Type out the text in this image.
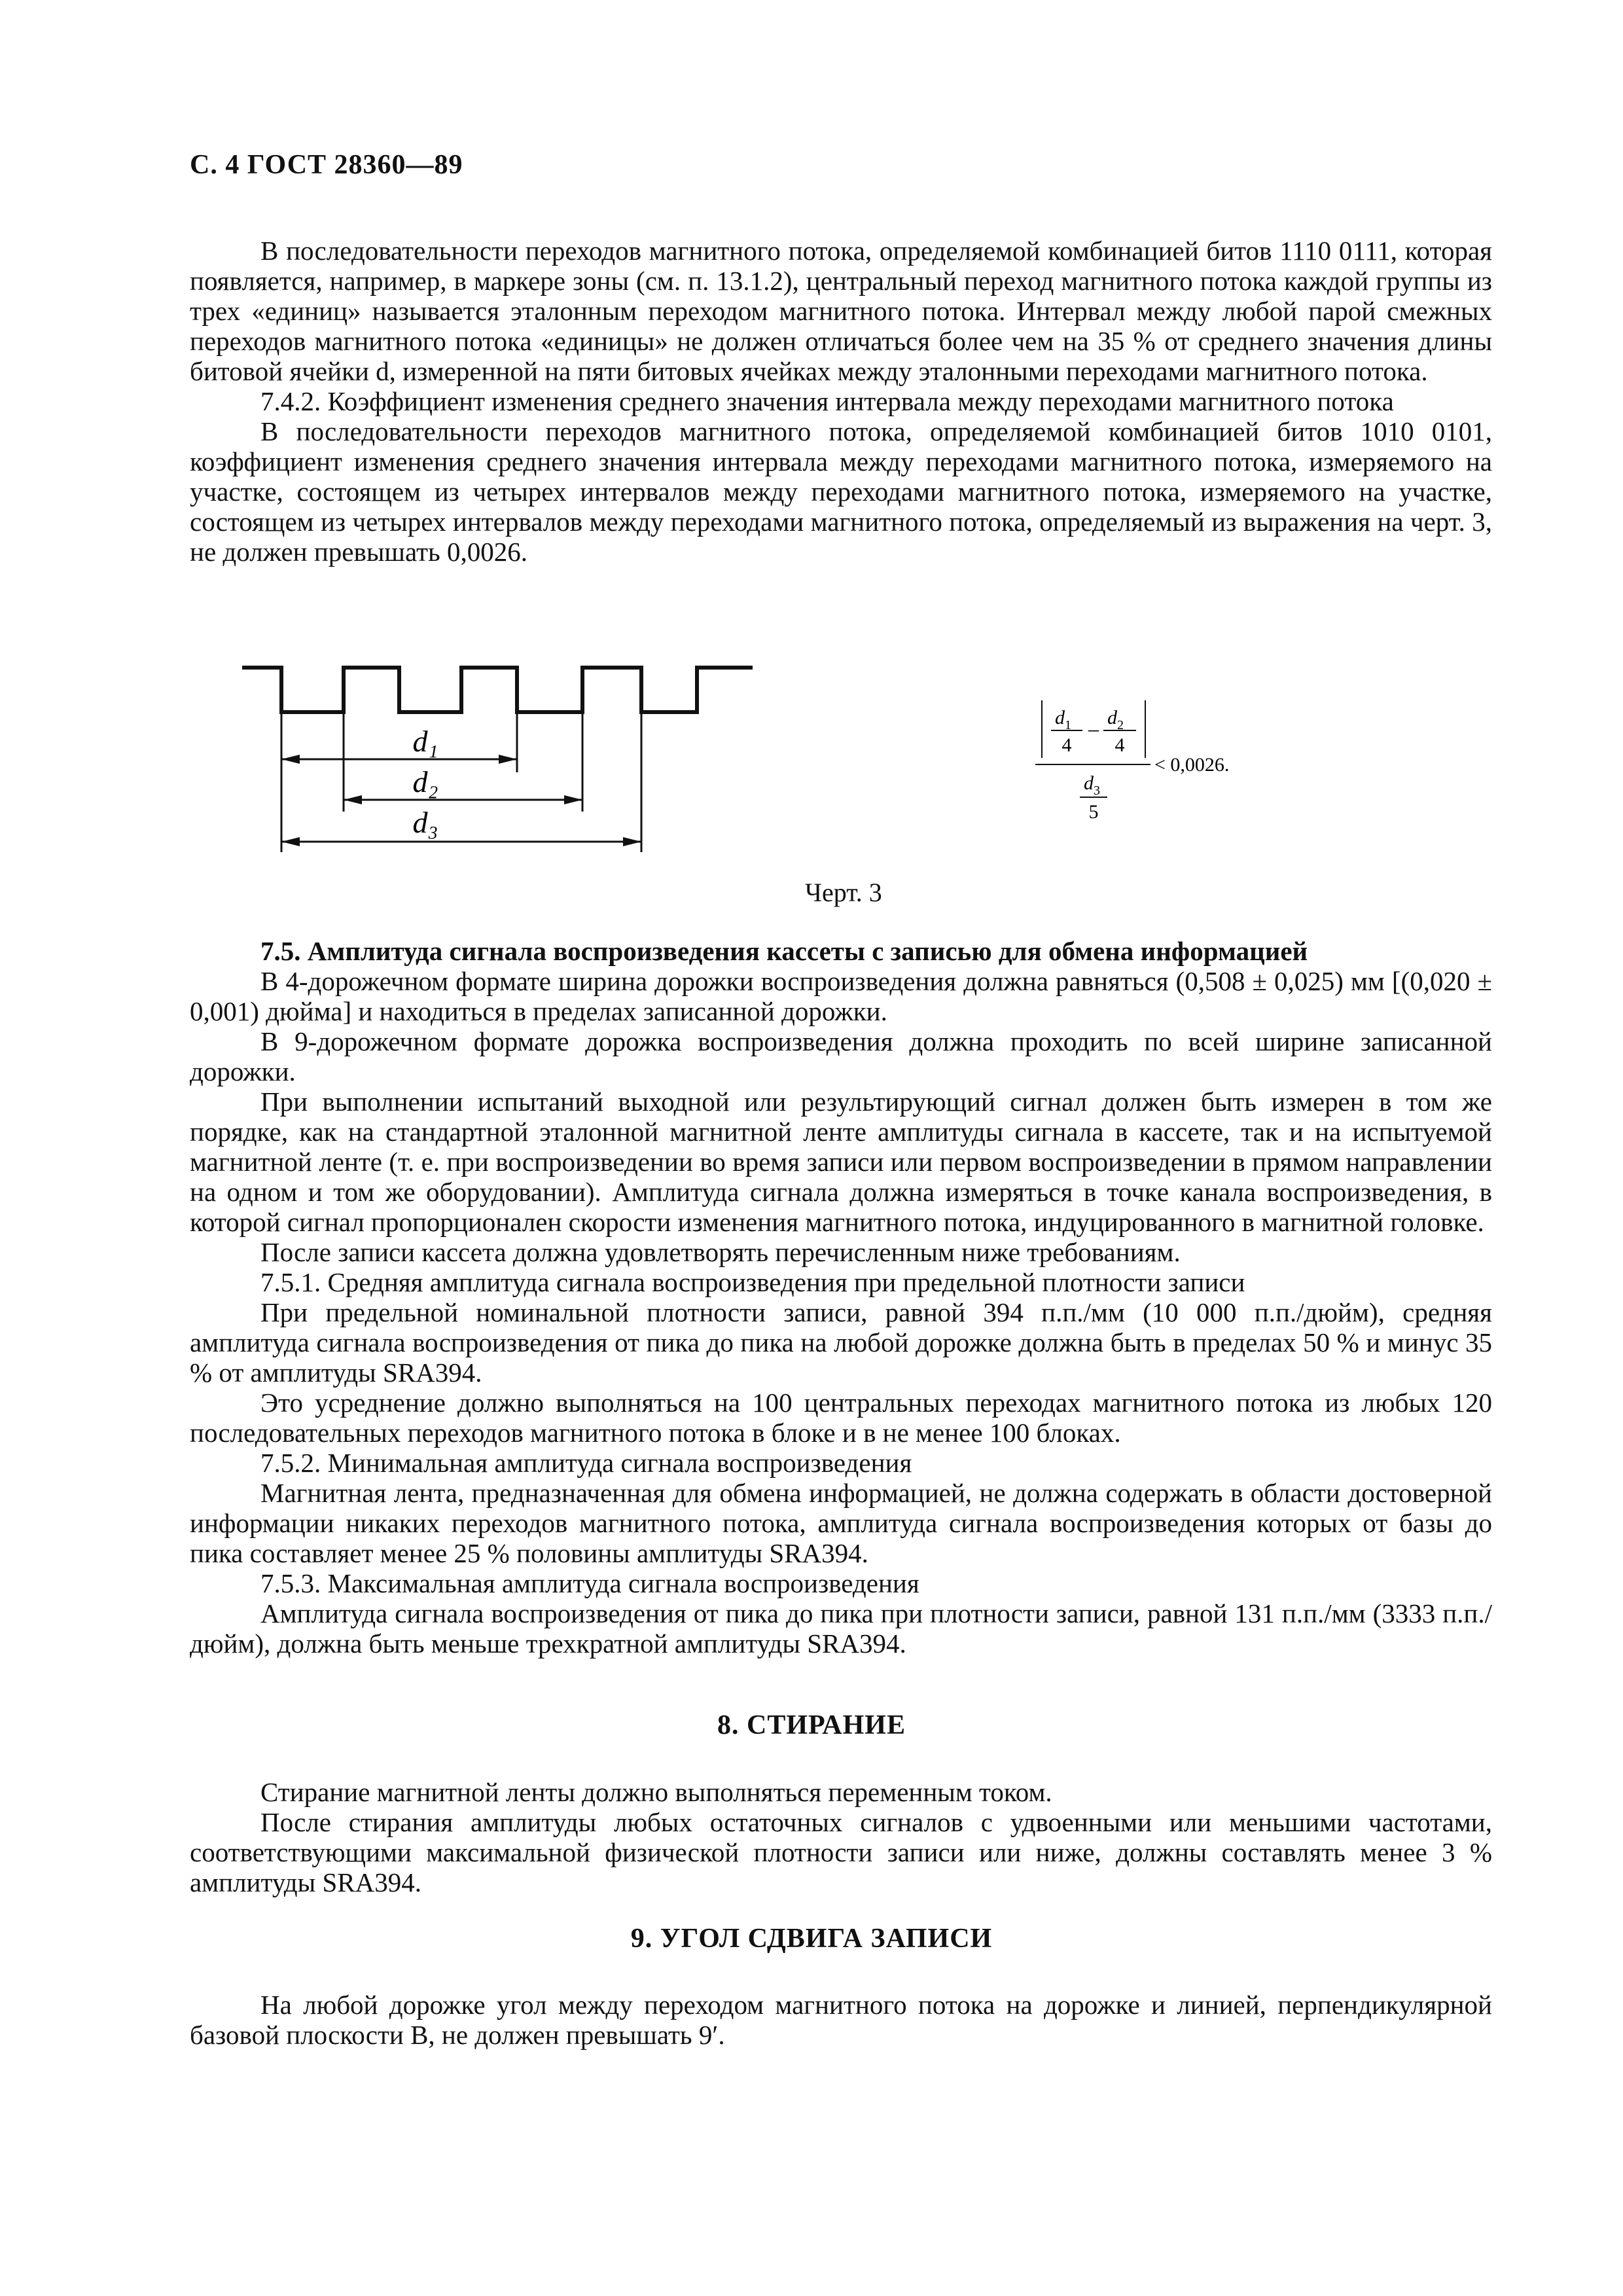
С. 4 ГОСТ 28360—89

В последовательности переходов магнитного потока, определяемой комбинацией битов 1110 0111, которая появляется, например, в маркере зоны (см. п. 13.1.2), центральный переход магнитного потока каждой группы из трех «единиц» называется эталонным переходом магнитного потока. Интервал между любой парой смежных переходов магнитного потока «единицы» не должен отличаться более чем на 35 % от среднего значения длины битовой ячейки d, измеренной на пяти битовых ячейках между эталонными переходами магнитного потока.

7.4.2. Коэффициент изменения среднего значения интервала между переходами магнитного потока

В последовательности переходов магнитного потока, определяемой комбинацией битов 1010 0101, коэффициент изменения среднего значения интервала между переходами магнитного потока, измеряемого на участке, состоящем из четырех интервалов между переходами магнитного потока, измеряемого на участке, состоящем из четырех интервалов между переходами магнитного потока, определяемый из выражения на черт. 3, не должен превышать 0,0026.

d₁
d₂
d₃
$d_1$
4
– $d_2$
4
< 0,0026.
$d_3$
5
Черт. 3

7.5. Амплитуда сигнала воспроизведения кассеты с записью для обмена информацией

В 4-дорожечном формате ширина дорожки воспроизведения должна равняться (0,508 ± 0,025) мм [(0,020 ± 0,001) дюйма] и находиться в пределах записанной дорожки.

В 9-дорожечном формате дорожка воспроизведения должна проходить по всей ширине записанной дорожки.

При выполнении испытаний выходной или результирующий сигнал должен быть измерен в том же порядке, как на стандартной эталонной магнитной ленте амплитуды сигнала в кассете, так и на испытуемой магнитной ленте (т. е. при воспроизведении во время записи или первом воспроизведении в прямом направлении на одном и том же оборудовании). Амплитуда сигнала должна измеряться в точке канала воспроизведения, в которой сигнал пропорционален скорости изменения магнитного потока, индуцированного в магнитной головке.

После записи кассета должна удовлетворять перечисленным ниже требованиям.

7.5.1. Средняя амплитуда сигнала воспроизведения при предельной плотности записи

При предельной номинальной плотности записи, равной 394 п.п./мм (10 000 п.п./дюйм), средняя амплитуда сигнала воспроизведения от пика до пика на любой дорожке должна быть в пределах 50 % и минус 35 % от амплитуды SRA394.

Это усреднение должно выполняться на 100 центральных переходах магнитного потока из любых 120 последовательных переходов магнитного потока в блоке и в не менее 100 блоках.

7.5.2. Минимальная амплитуда сигнала воспроизведения

Магнитная лента, предназначенная для обмена информацией, не должна содержать в области достоверной информации никаких переходов магнитного потока, амплитуда сигнала воспроизведения которых от базы до пика составляет менее 25 % половины амплитуды SRA394.

7.5.3. Максимальная амплитуда сигнала воспроизведения

Амплитуда сигнала воспроизведения от пика до пика при плотности записи, равной 131 п.п./мм (3333 п.п./дюйм), должна быть меньше трехкратной амплитуды SRA394.

8. СТИРАНИЕ

Стирание магнитной ленты должно выполняться переменным током.

После стирания амплитуды любых остаточных сигналов с удвоенными или меньшими частотами, соответствующими максимальной физической плотности записи или ниже, должны составлять менее 3 % амплитуды SRA394.

9. УГОЛ СДВИГА ЗАПИСИ

На любой дорожке угол между переходом магнитного потока на дорожке и линией, перпендикулярной базовой плоскости B, не должен превышать 9′.
